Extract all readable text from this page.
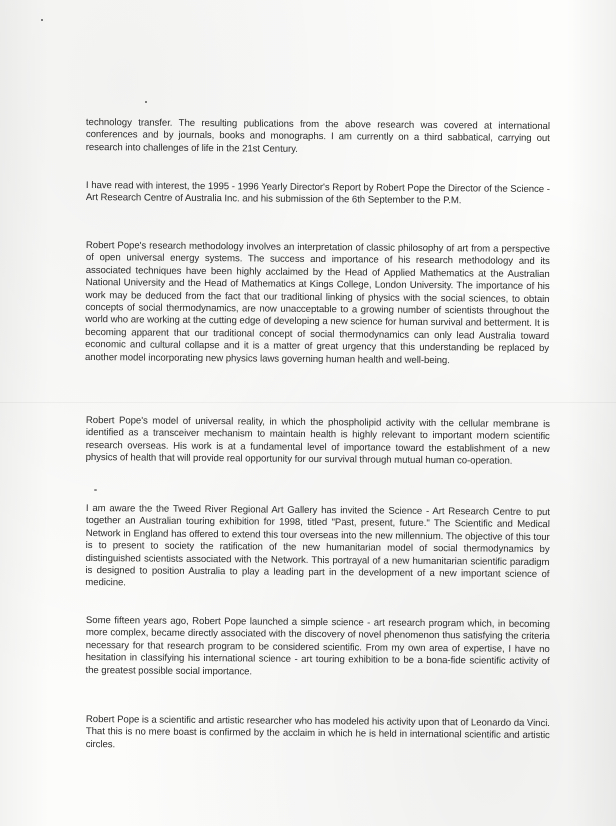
technology transfer. The resulting publications from the above research was covered at international conferences and by journals, books and monographs. I am currently on a third sabbatical, carrying out research into challenges of life in the 21st Century.

I have read with interest, the 1995 - 1996 Yearly Director's Report by Robert Pope the Director of the Science - Art Research Centre of Australia Inc. and his submission of the 6th September to the P.M.

Robert Pope's research methodology involves an interpretation of classic philosophy of art from a perspective of open universal energy systems. The success and importance of his research methodology and its associated techniques have been highly acclaimed by the Head of Applied Mathematics at the Australian National University and the Head of Mathematics at Kings College, London University. The importance of his work may be deduced from the fact that our traditional linking of physics with the social sciences, to obtain concepts of social thermodynamics, are now unacceptable to a growing number of scientists throughout the world who are working at the cutting edge of developing a new science for human survival and betterment. It is becoming apparent that our traditional concept of social thermodynamics can only lead Australia toward economic and cultural collapse and it is a matter of great urgency that this understanding be replaced by another model incorporating new physics laws governing human health and well-being.

Robert Pope's model of universal reality, in which the phospholipid activity with the cellular membrane is identified as a transceiver mechanism to maintain health is highly relevant to important modern scientific research overseas. His work is at a fundamental level of importance toward the establishment of a new physics of health that will provide real opportunity for our survival through mutual human co-operation.

I am aware the the Tweed River Regional Art Gallery has invited the Science - Art Research Centre to put together an Australian touring exhibition for 1998, titled "Past, present, future." The Scientific and Medical Network in England has offered to extend this tour overseas into the new millennium. The objective of this tour is to present to society the ratification of the new humanitarian model of social thermodynamics by distinguished scientists associated with the Network. This portrayal of a new humanitarian scientific paradigm is designed to position Australia to play a leading part in the development of a new important science of medicine.

Some fifteen years ago, Robert Pope launched a simple science - art research program which, in becoming more complex, became directly associated with the discovery of novel phenomenon thus satisfying the criteria necessary for that research program to be considered scientific. From my own area of expertise, I have no hesitation in classifying his international science - art touring exhibition to be a bona-fide scientific activity of the greatest possible social importance.

Robert Pope is a scientific and artistic researcher who has modeled his activity upon that of Leonardo da Vinci. That this is no mere boast is confirmed by the acclaim in which he is held in international scientific and artistic circles.
